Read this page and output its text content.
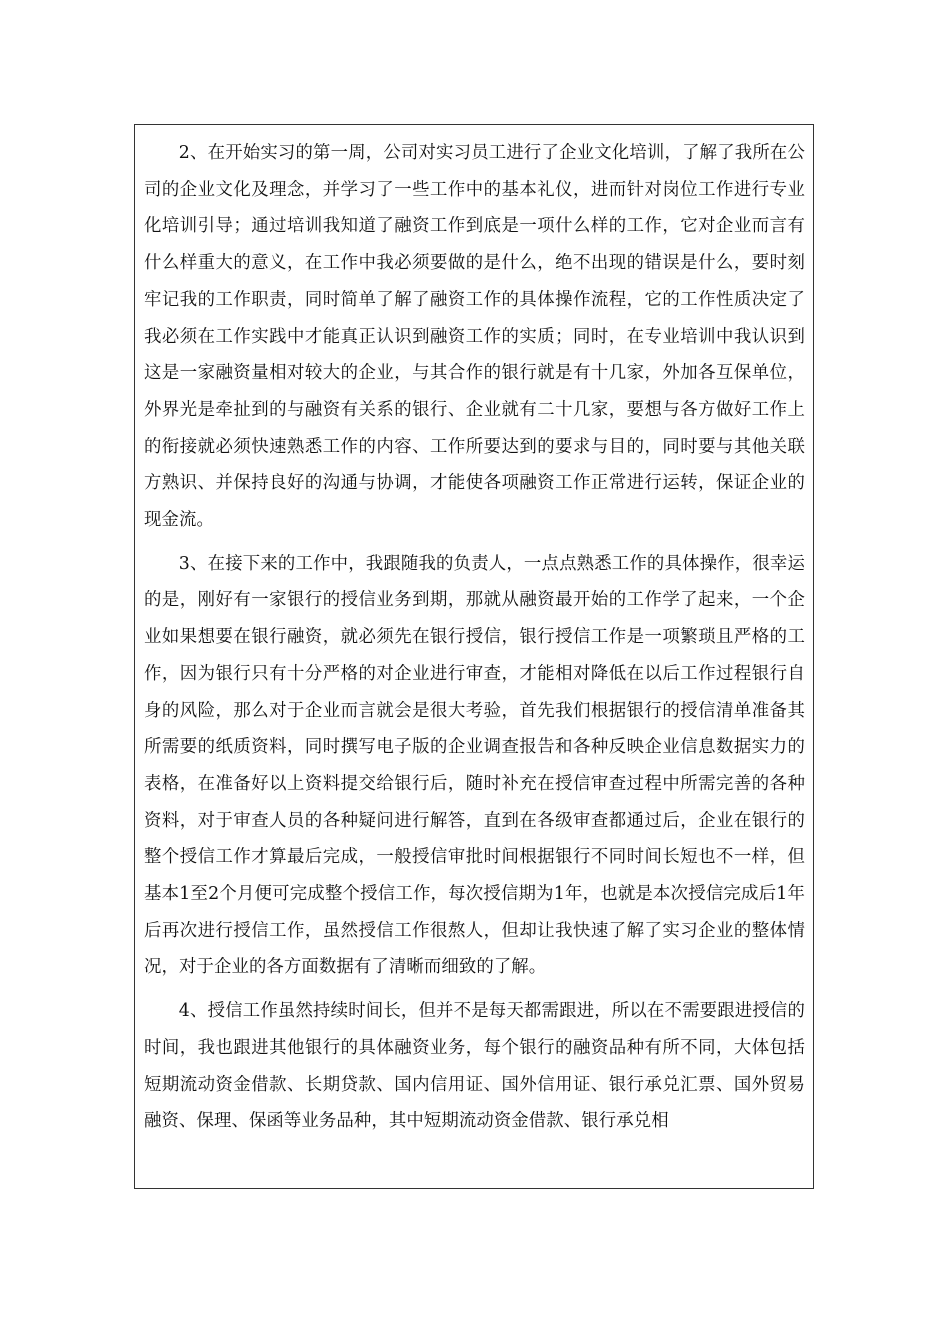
2、在开始实习的第一周，公司对实习员工进行了企业文化培训，了解了我所在公司的企业文化及理念，并学习了一些工作中的基本礼仪，进而针对岗位工作进行专业化培训引导；通过培训我知道了融资工作到底是一项什么样的工作，它对企业而言有什么样重大的意义，在工作中我必须要做的是什么，绝不出现的错误是什么，要时刻牢记我的工作职责，同时简单了解了融资工作的具体操作流程，它的工作性质决定了我必须在工作实践中才能真正认识到融资工作的实质；同时，在专业培训中我认识到这是一家融资量相对较大的企业，与其合作的银行就是有十几家，外加各互保单位，外界光是牵扯到的与融资有关系的银行、企业就有二十几家，要想与各方做好工作上的衔接就必须快速熟悉工作的内容、工作所要达到的要求与目的，同时要与其他关联方熟识、并保持良好的沟通与协调，才能使各项融资工作正常进行运转，保证企业的现金流。

3、在接下来的工作中，我跟随我的负责人，一点点熟悉工作的具体操作，很幸运的是，刚好有一家银行的授信业务到期，那就从融资最开始的工作学了起来，一个企业如果想要在银行融资，就必须先在银行授信，银行授信工作是一项繁琐且严格的工作，因为银行只有十分严格的对企业进行审查，才能相对降低在以后工作过程银行自身的风险，那么对于企业而言就会是很大考验，首先我们根据银行的授信清单准备其所需要的纸质资料，同时撰写电子版的企业调查报告和各种反映企业信息数据实力的表格，在准备好以上资料提交给银行后，随时补充在授信审查过程中所需完善的各种资料，对于审查人员的各种疑问进行解答，直到在各级审查都通过后，企业在银行的整个授信工作才算最后完成，一般授信审批时间根据银行不同时间长短也不一样，但基本1至2个月便可完成整个授信工作，每次授信期为1年，也就是本次授信完成后1年后再次进行授信工作，虽然授信工作很熬人，但却让我快速了解了实习企业的整体情况，对于企业的各方面数据有了清晰而细致的了解。

4、授信工作虽然持续时间长，但并不是每天都需跟进，所以在不需要跟进授信的时间，我也跟进其他银行的具体融资业务，每个银行的融资品种有所不同，大体包括短期流动资金借款、长期贷款、国内信用证、国外信用证、银行承兑汇票、国外贸易融资、保理、保函等业务品种，其中短期流动资金借款、银行承兑相
